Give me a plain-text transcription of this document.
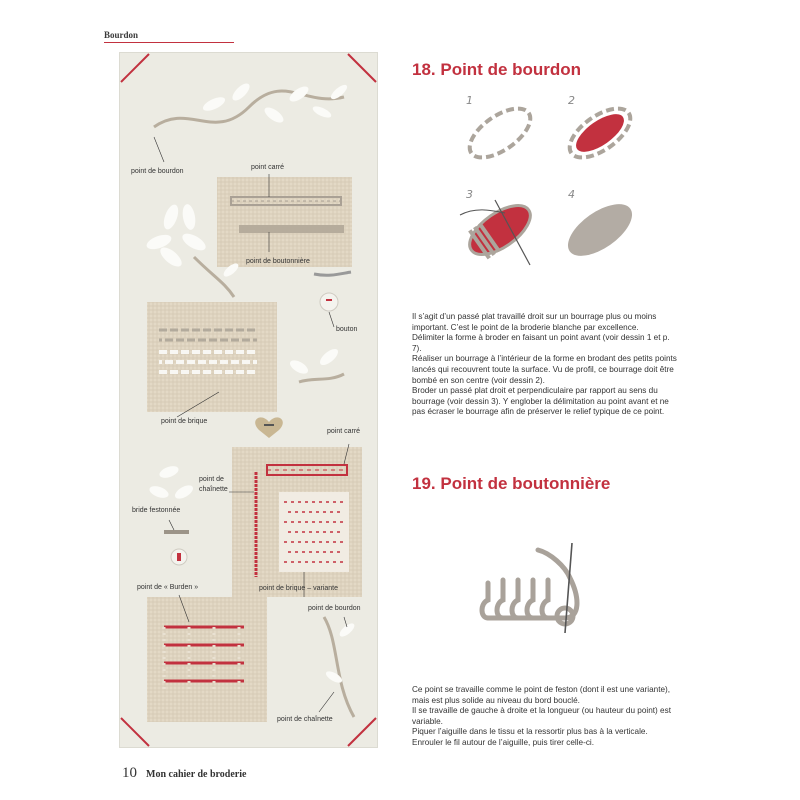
Bourdon
point de bourdon
point carré
point de boutonnière
bouton
point de brique
point carré
point de chaînette
bride festonnée
point de « Burden »	point de brique – variante
point de bourdon
point de chaînette
18. Point de bourdon
1	2
3	4

Il s’agit d’un passé plat travaillé droit sur un bourrage plus ou moins important. C’est le point de la broderie blanche par excellence.

Délimiter la forme à broder en faisant un point avant (voir dessin 1 et p. 7).

Réaliser un bourrage à l’intérieur de la forme en brodant des petits points lancés qui recouvrent toute la surface. Vu de profil, ce bourrage doit être bombé en son centre (voir dessin 2).

Broder un passé plat droit et perpendiculaire par rapport au sens du bourrage (voir dessin 3). Y englober la délimitation au point avant et ne pas écraser le bourrage afin de préserver le relief typique de ce point.

19. Point de boutonnière

Ce point se travaille comme le point de feston (dont il est une variante), mais est plus solide au niveau du bord bouclé.

Il se travaille de gauche à droite et la longueur (ou hauteur du point) est variable.

Piquer l’aiguille dans le tissu et la ressortir plus bas à la verticale. Enrouler le fil autour de l’aiguille, puis tirer celle-ci.

10 Mon cahier de broderie
